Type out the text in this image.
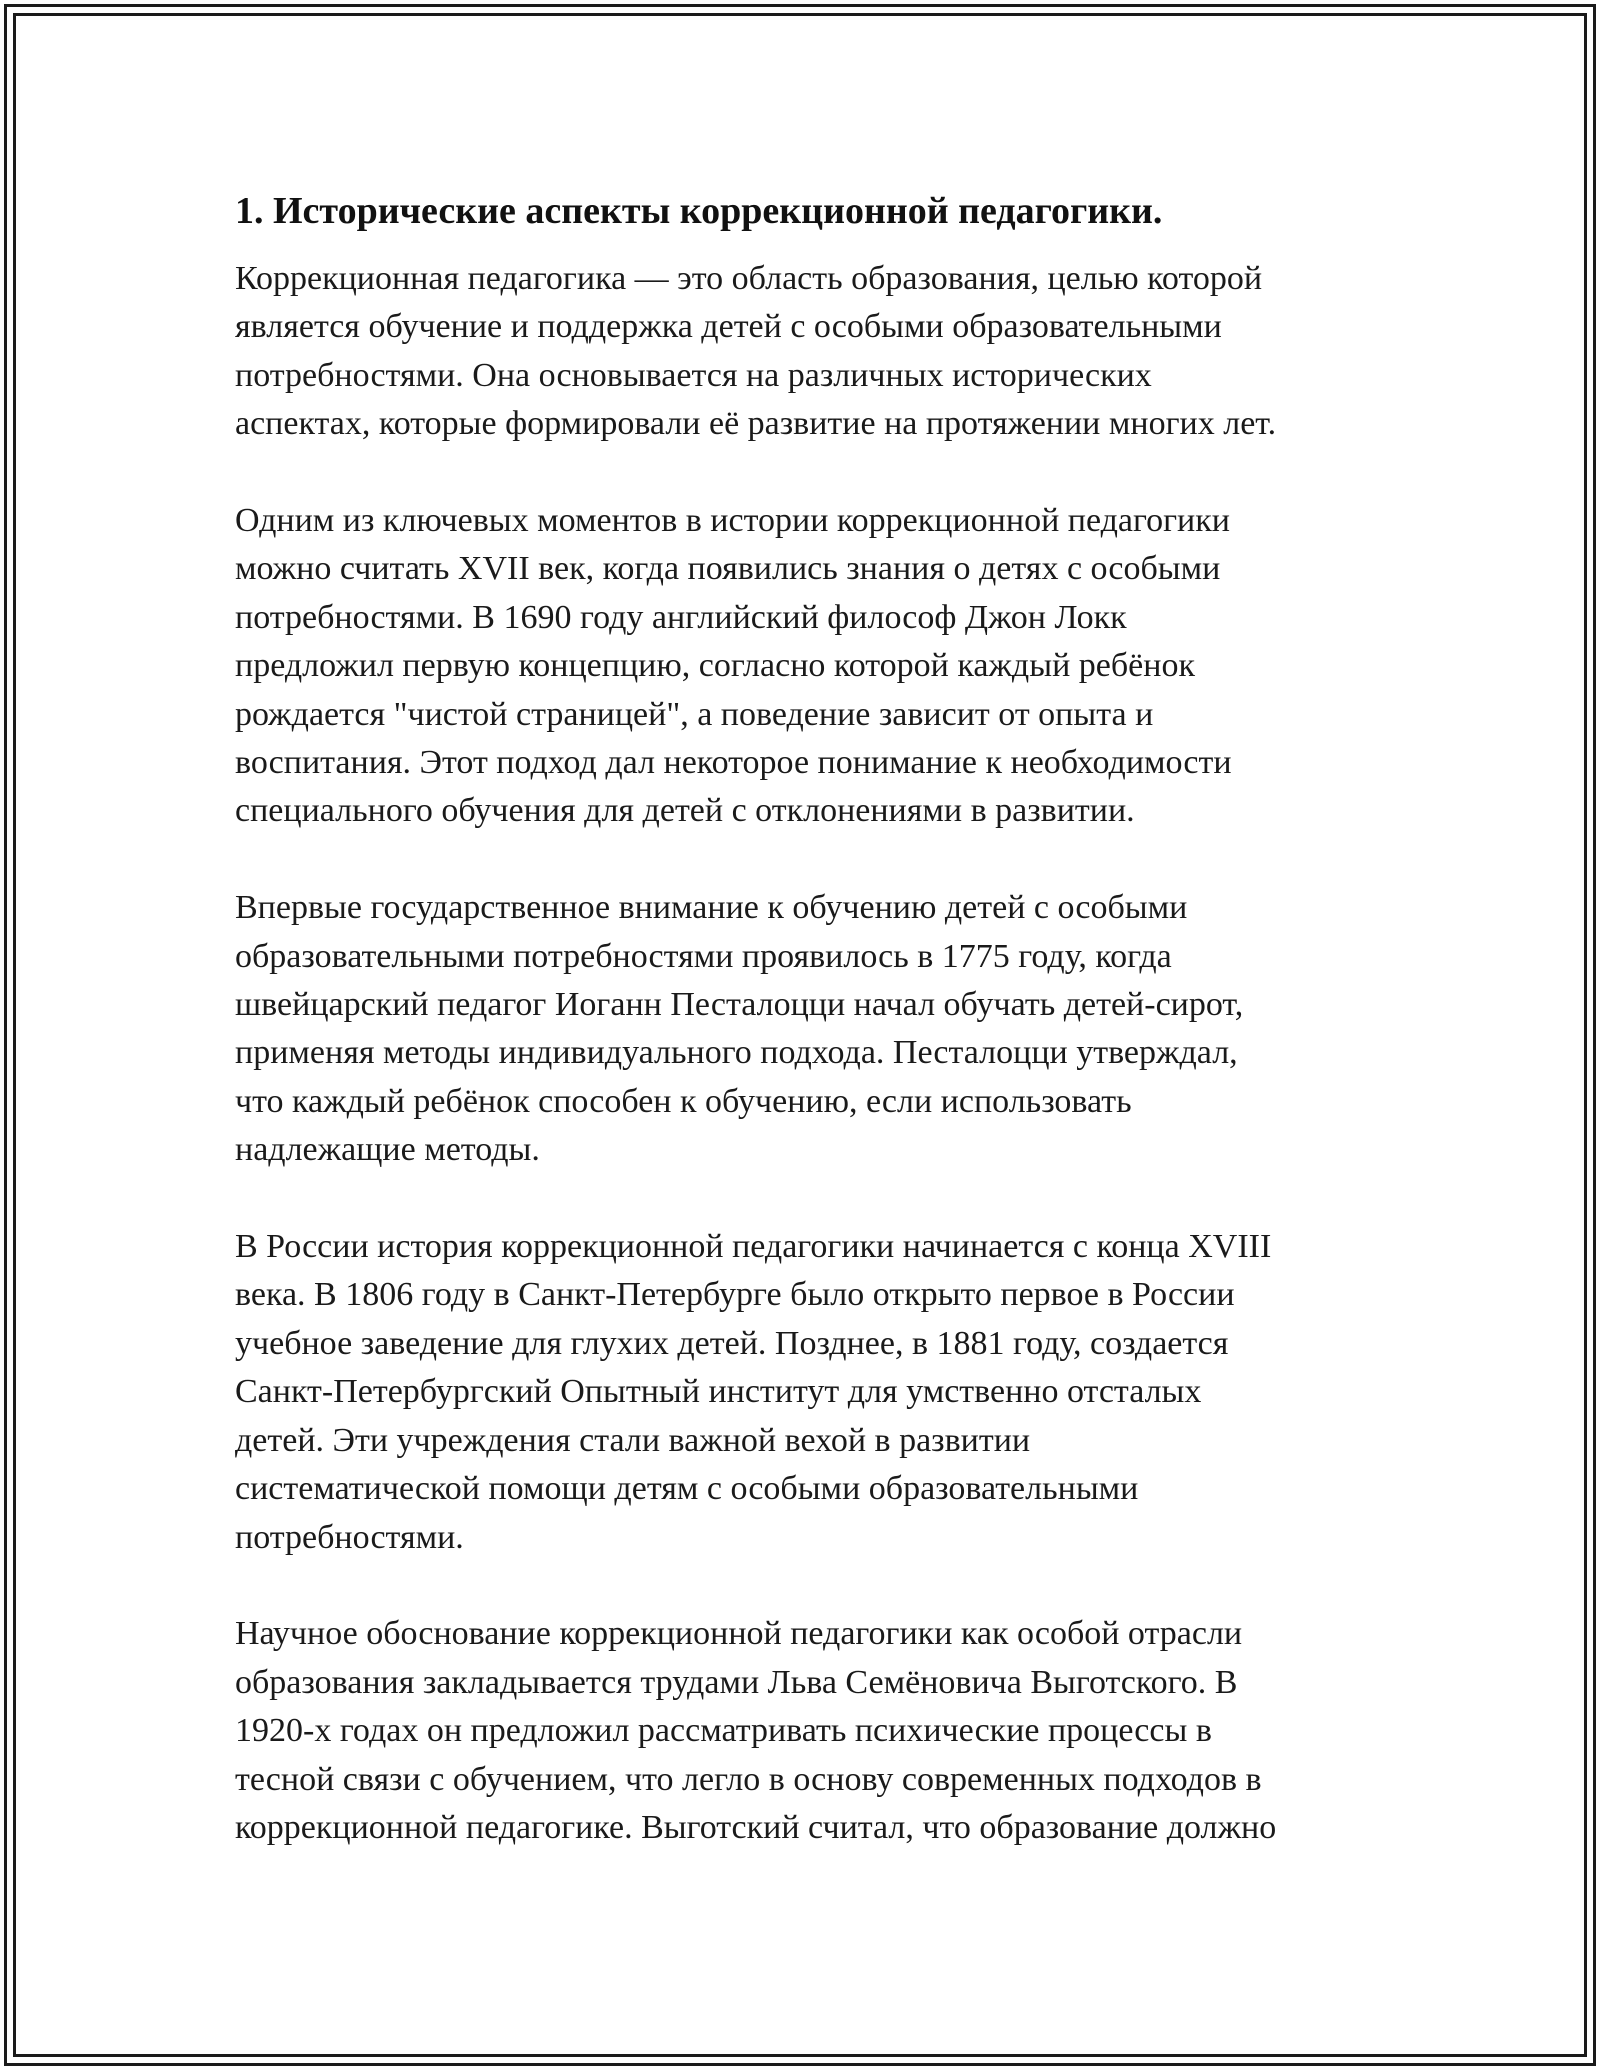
1. Исторические аспекты коррекционной педагогики.

Коррекционная педагогика — это область образования, целью которой
является обучение и поддержка детей с особыми образовательными
потребностями. Она основывается на различных исторических
аспектах, которые формировали её развитие на протяжении многих лет.

Одним из ключевых моментов в истории коррекционной педагогики
можно считать XVII век, когда появились знания о детях с особыми
потребностями. В 1690 году английский философ Джон Локк
предложил первую концепцию, согласно которой каждый ребёнок
рождается "чистой страницей", а поведение зависит от опыта и
воспитания. Этот подход дал некоторое понимание к необходимости
специального обучения для детей с отклонениями в развитии.

Впервые государственное внимание к обучению детей с особыми
образовательными потребностями проявилось в 1775 году, когда
швейцарский педагог Иоганн Песталоцци начал обучать детей-сирот,
применяя методы индивидуального подхода. Песталоцци утверждал,
что каждый ребёнок способен к обучению, если использовать
надлежащие методы.

В России история коррекционной педагогики начинается с конца XVIII
века. В 1806 году в Санкт-Петербурге было открыто первое в России
учебное заведение для глухих детей. Позднее, в 1881 году, создается
Санкт-Петербургский Опытный институт для умственно отсталых
детей. Эти учреждения стали важной вехой в развитии
систематической помощи детям с особыми образовательными
потребностями.

Научное обоснование коррекционной педагогики как особой отрасли
образования закладывается трудами Льва Семёновича Выготского. В
1920-х годах он предложил рассматривать психические процессы в
тесной связи с обучением, что легло в основу современных подходов в
коррекционной педагогике. Выготский считал, что образование должно
